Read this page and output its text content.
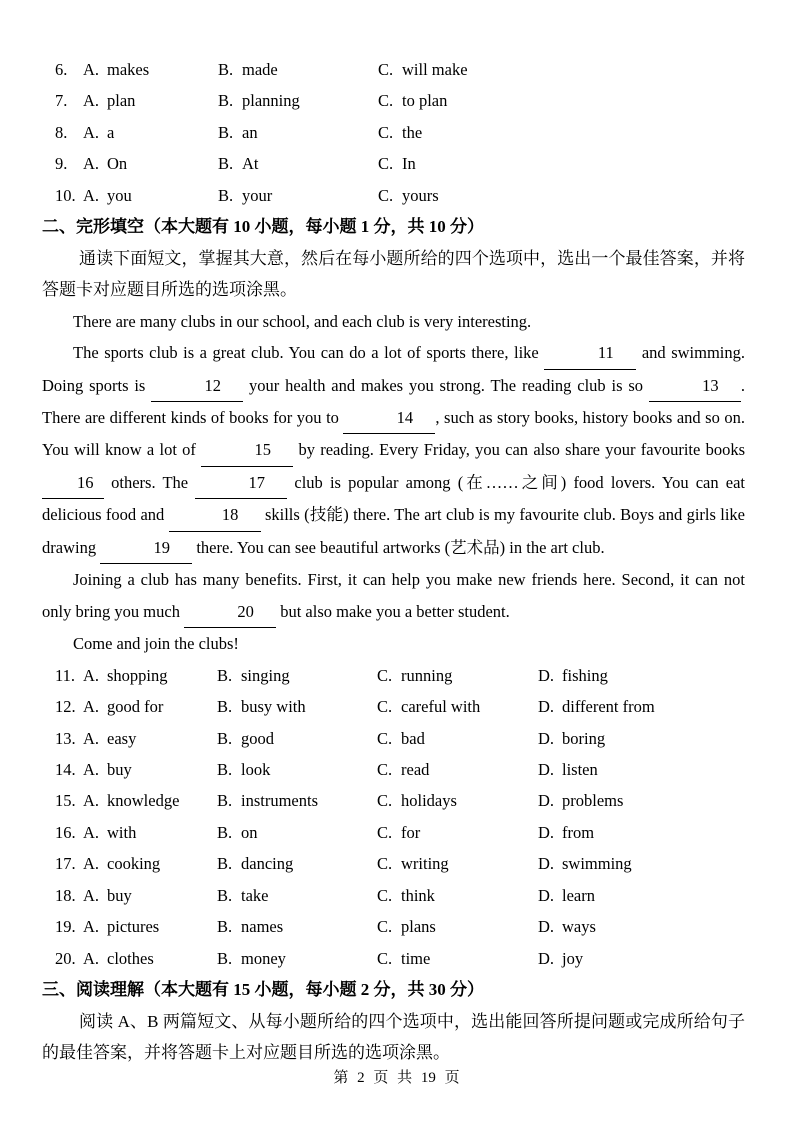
6. A. makes	B. made	C. will make
7. A. plan	B. planning	C. to plan
8. A. a	B. an	C. the
9. A. On	B. At	C. In
10. A. you	B. your	C. yours
二、完形填空（本大题有 10 小题，每小题 1 分，共 10 分）

通读下面短文，掌握其大意，然后在每小题所给的四个选项中，选出一个最佳答案，并将答题卡对应题目所选的选项涂黑。

There are many clubs in our school, and each club is very interesting.

The sports club is a great club. You can do a lot of sports there, like	11 and swimming. Doing sports is	12 your health and makes you strong. The reading club is so	13 . There are different kinds of books for you to	14 , such as story books, history books and so on. You will know a lot of	15 by reading. Every Friday, you can also share your favourite books 16 others. The	17 club is popular among (在……之间) food lovers. You can eat delicious food and	18 skills (技能) there. The art club is my favourite club. Boys and girls like drawing	19 there. You can see beautiful artworks (艺术品) in the art club.

Joining a club has many benefits. First, it can help you make new friends here. Second, it can not only bring you much	20 but also make you a better student.

Come and join the clubs!

11. A. shopping	B. singing	C. running	D. fishing
12. A. good for	B. busy with	C. careful with	D. different from
13. A. easy	B. good	C. bad	D. boring
14. A. buy	B. look	C. read	D. listen
15. A. knowledge	B. instruments	C. holidays	D. problems
16. A. with	B. on	C. for	D. from
17. A. cooking	B. dancing	C. writing	D. swimming
18. A. buy	B. take	C. think	D. learn
19. A. pictures	B. names	C. plans	D. ways
20. A. clothes	B. money	C. time	D. joy
三、阅读理解（本大题有 15 小题，每小题 2 分，共 30 分）

阅读 A、B 两篇短文、从每小题所给的四个选项中，选出能回答所提问题或完成所给句子的最佳答案，并将答题卡上对应题目所选的选项涂黑。

第 2 页 共 19 页
